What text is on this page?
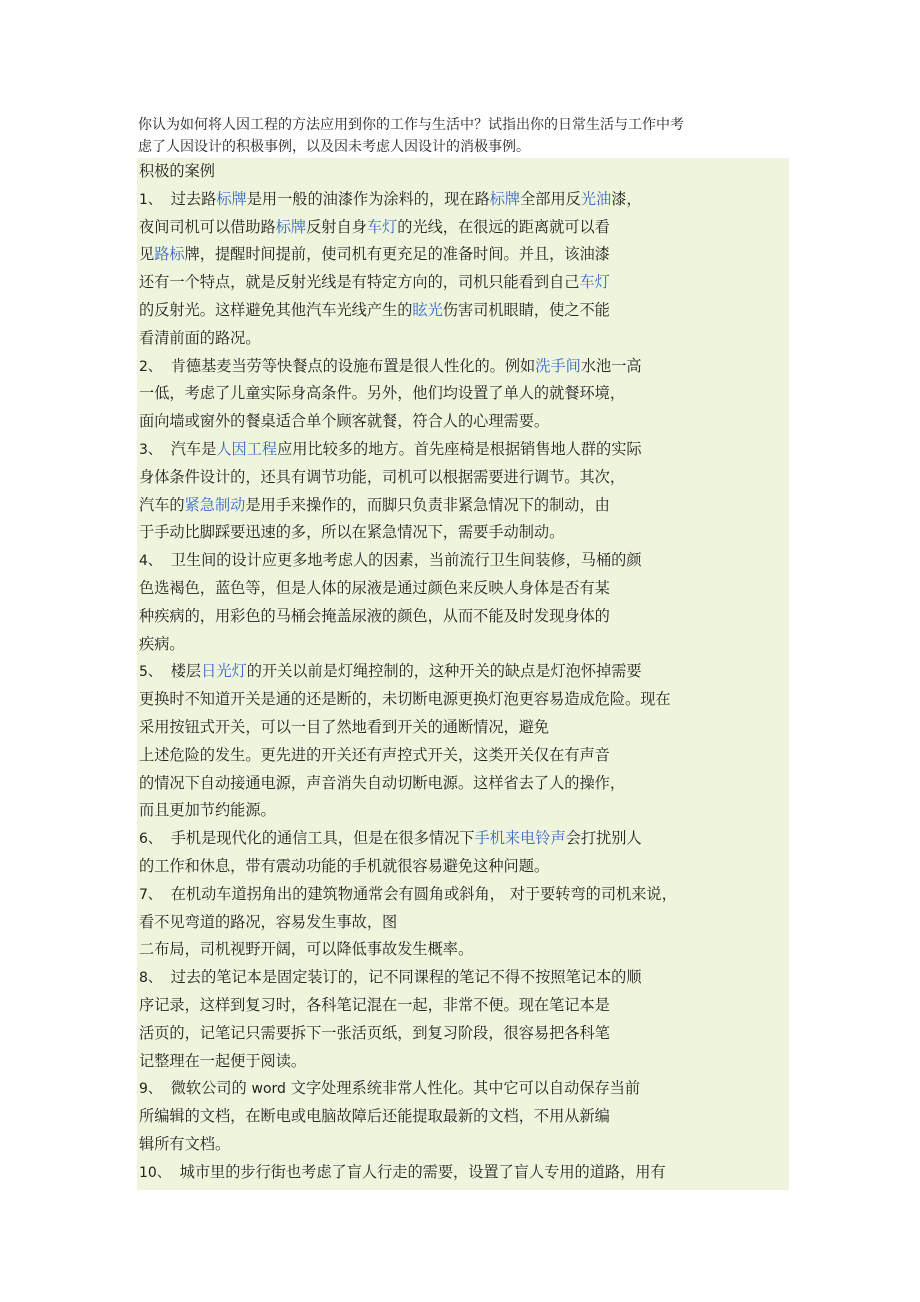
你认为如何将人因工程的方法应用到你的工作与生活中？试指出你的日常生活与工作中考
虑了人因设计的积极事例，以及因未考虑人因设计的消极事例。
积极的案例
1、 过去路标牌是用一般的油漆作为涂料的，现在路标牌全部用反光油漆，
夜间司机可以借助路标牌反射自身车灯的光线，在很远的距离就可以看
见路标牌，提醒时间提前，使司机有更充足的准备时间。并且，该油漆
还有一个特点，就是反射光线是有特定方向的，司机只能看到自己车灯
的反射光。这样避免其他汽车光线产生的眩光伤害司机眼睛，使之不能
看清前面的路况。
2、 肯德基麦当劳等快餐点的设施布置是很人性化的。例如洗手间水池一高
一低，考虑了儿童实际身高条件。另外，他们均设置了单人的就餐环境，
面向墙或窗外的餐桌适合单个顾客就餐，符合人的心理需要。
3、 汽车是人因工程应用比较多的地方。首先座椅是根据销售地人群的实际
身体条件设计的，还具有调节功能，司机可以根据需要进行调节。其次，
汽车的紧急制动是用手来操作的，而脚只负责非紧急情况下的制动，由
于手动比脚踩要迅速的多，所以在紧急情况下，需要手动制动。
4、 卫生间的设计应更多地考虑人的因素，当前流行卫生间装修，马桶的颜
色选褐色，蓝色等，但是人体的尿液是通过颜色来反映人身体是否有某
种疾病的，用彩色的马桶会掩盖尿液的颜色，从而不能及时发现身体的
疾病。
5、 楼层日光灯的开关以前是灯绳控制的，这种开关的缺点是灯泡怀掉需要
更换时不知道开关是通的还是断的，未切断电源更换灯泡更容易造成危险。现在
采用按钮式开关，可以一目了然地看到开关的通断情况，避免
上述危险的发生。更先进的开关还有声控式开关，这类开关仅在有声音
的情况下自动接通电源，声音消失自动切断电源。这样省去了人的操作，
而且更加节约能源。
6、 手机是现代化的通信工具，但是在很多情况下手机来电铃声会打扰别人
的工作和休息，带有震动功能的手机就很容易避免这种问题。
7、 在机动车道拐角出的建筑物通常会有圆角或斜角， 对于要转弯的司机来说，
看不见弯道的路况，容易发生事故，图
二布局，司机视野开阔，可以降低事故发生概率。
8、 过去的笔记本是固定装订的，记不同课程的笔记不得不按照笔记本的顺
序记录，这样到复习时，各科笔记混在一起，非常不便。现在笔记本是
活页的，记笔记只需要拆下一张活页纸，到复习阶段，很容易把各科笔
记整理在一起便于阅读。
9、 微软公司的 word 文字处理系统非常人性化。其中它可以自动保存当前
所编辑的文档，在断电或电脑故障后还能提取最新的文档，不用从新编
辑所有文档。
10、 城市里的步行街也考虑了盲人行走的需要，设置了盲人专用的道路，用有
